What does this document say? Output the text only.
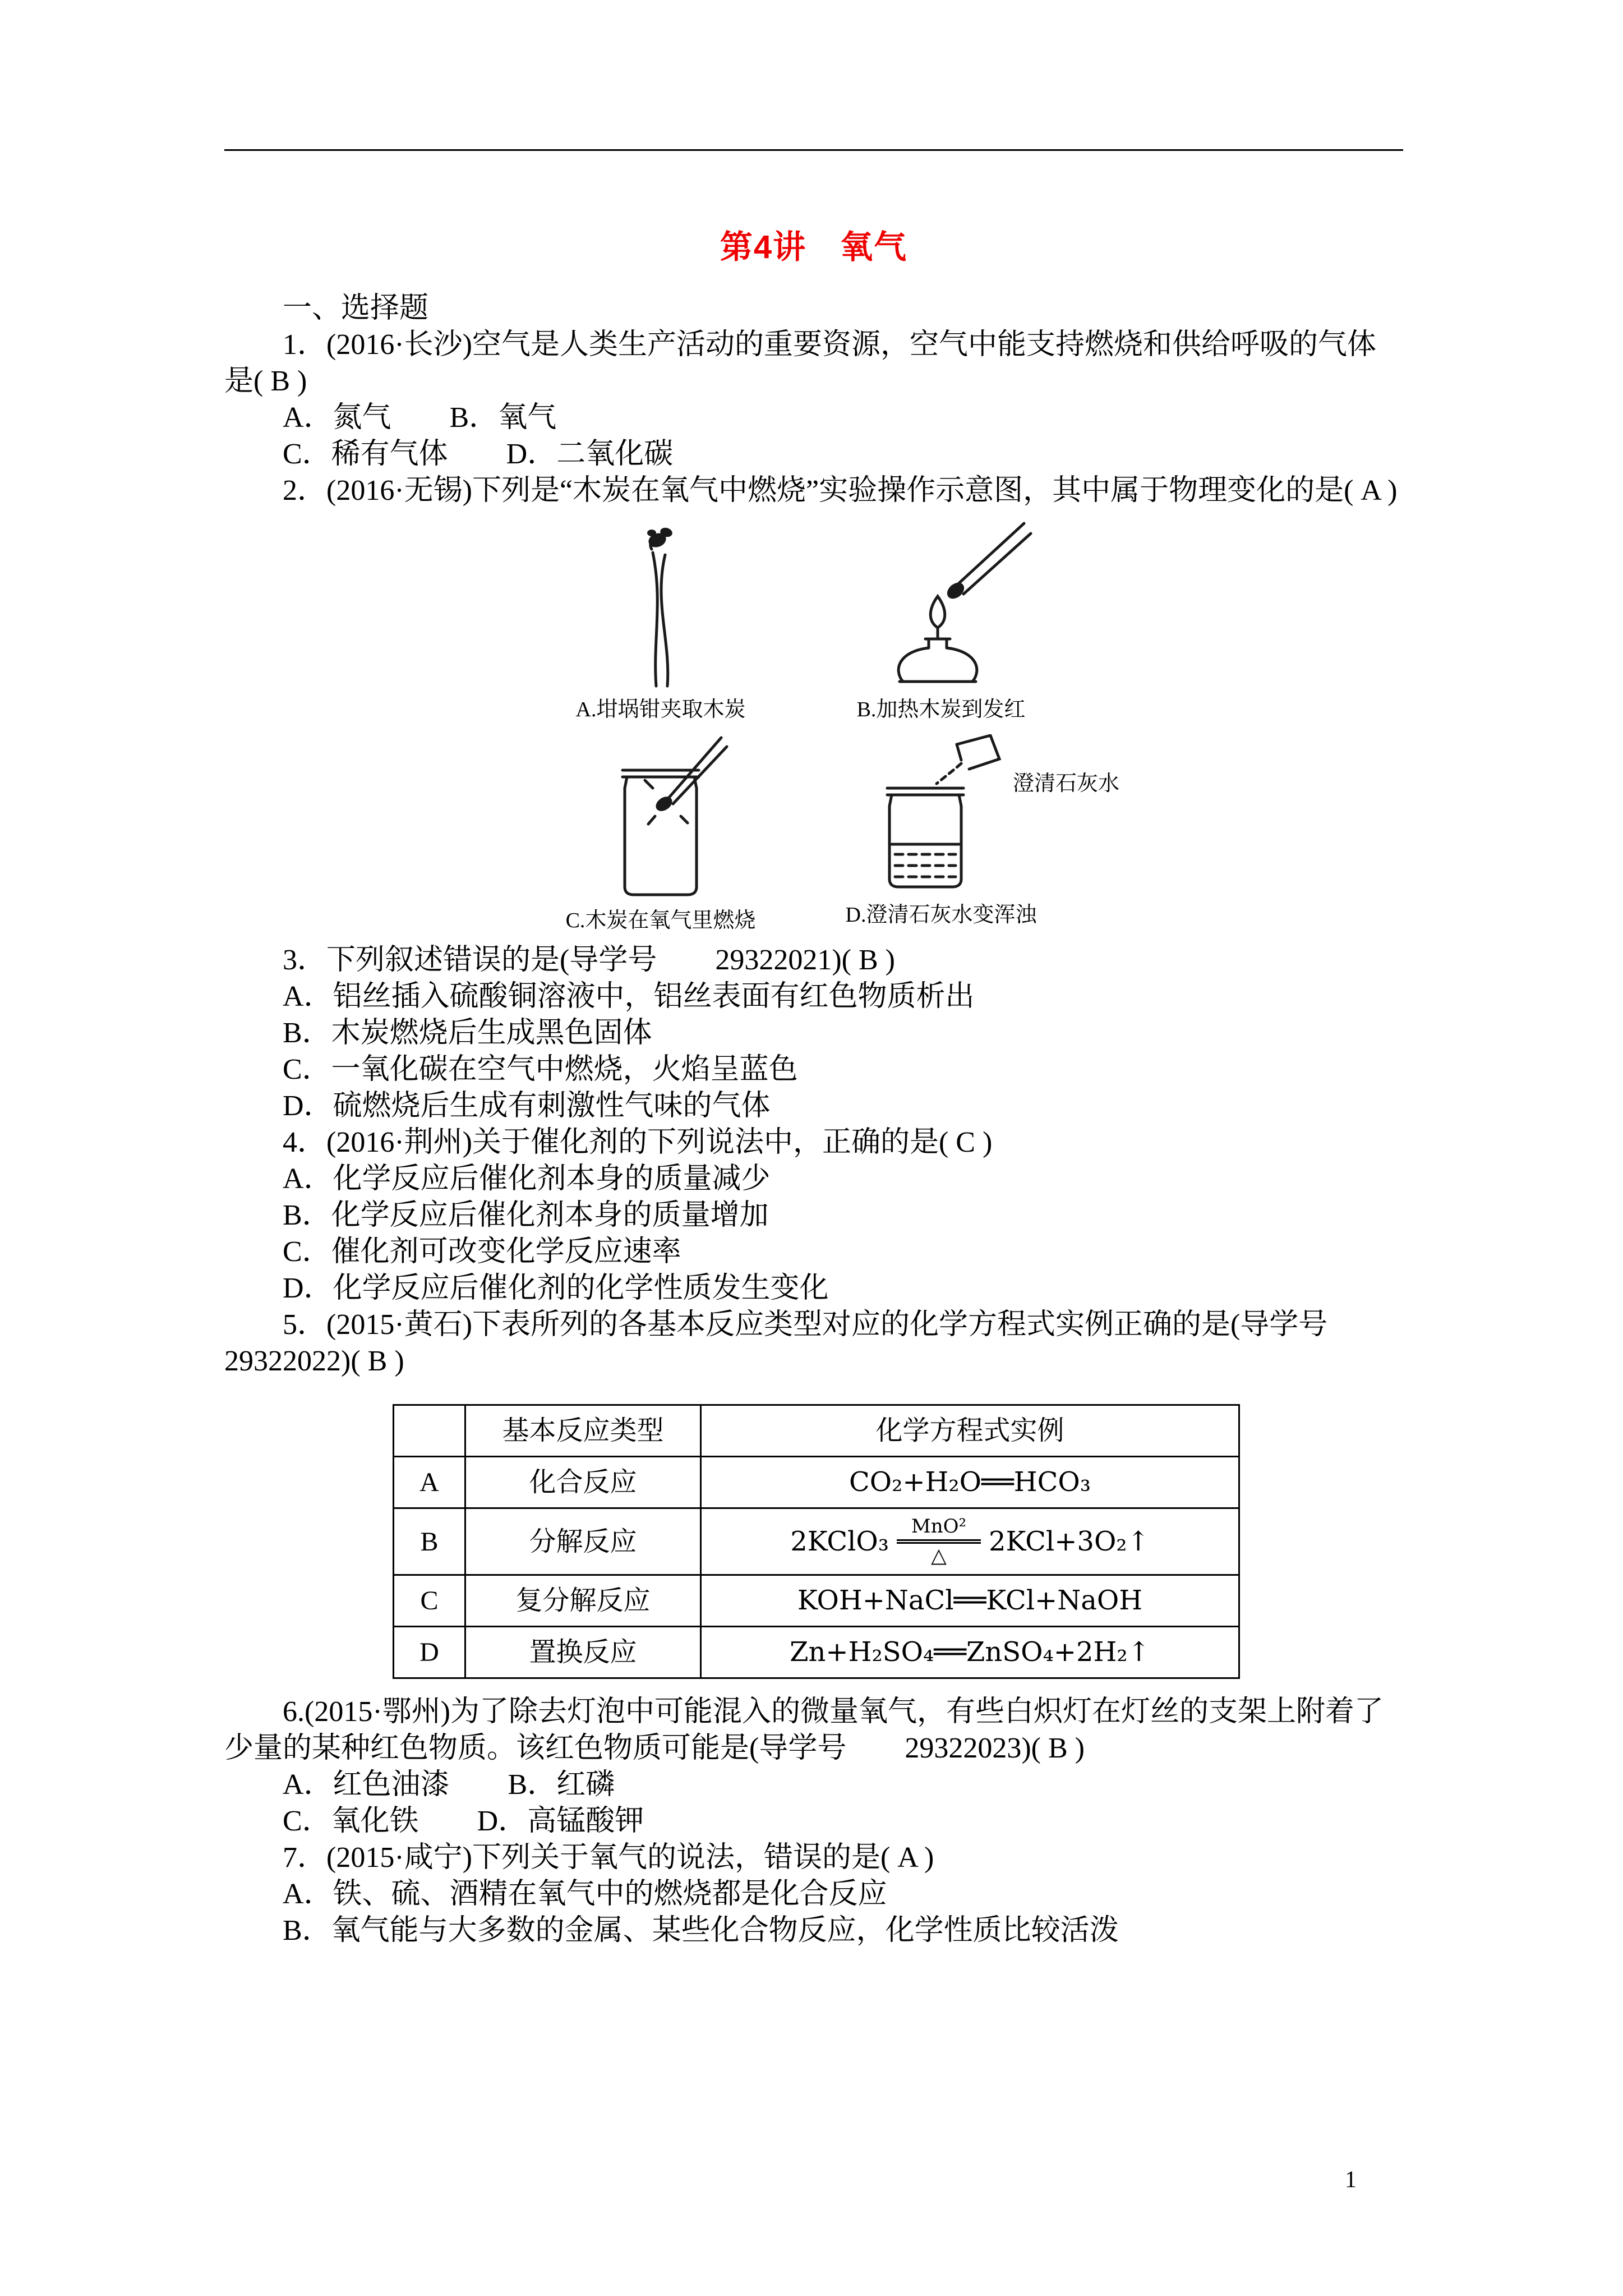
第4讲　氧气

一、选择题

1．(2016·长沙)空气是人类生产活动的重要资源，空气中能支持燃烧和供给呼吸的气体是( B )

A．氮气　　B．氧气

C．稀有气体　　D．二氧化碳

2．(2016·无锡)下列是“木炭在氧气中燃烧”实验操作示意图，其中属于物理变化的是( A )

A.坩埚钳夹取木炭	B.加热木炭到发红
C.木炭在氧气里燃烧
澄清石灰水
D.澄清石灰水变浑浊

3．下列叙述错误的是(导学号　　29322021)( B )

A．铝丝插入硫酸铜溶液中，铝丝表面有红色物质析出

B．木炭燃烧后生成黑色固体

C．一氧化碳在空气中燃烧，火焰呈蓝色

D．硫燃烧后生成有刺激性气味的气体

4．(2016·荆州)关于催化剂的下列说法中，正确的是( C )

A．化学反应后催化剂本身的质量减少

B．化学反应后催化剂本身的质量增加

C．催化剂可改变化学反应速率

D．化学反应后催化剂的化学性质发生变化

5．(2015·黄石)下表所列的各基本反应类型对应的化学方程式实例正确的是(导学号　　29322022)( B )

	基本反应类型	化学方程式实例
A	化合反应	CO₂+H₂O══HCO₃
B	分解反应	2KClO₃ MnO²
△ 2KCl+3O₂↑

C	复分解反应	KOH+NaCl══KCl+NaOH
D	置换反应	Zn+H₂SO₄══ZnSO₄+2H₂↑

6.(2015·鄂州)为了除去灯泡中可能混入的微量氧气，有些白炽灯在灯丝的支架上附着了少量的某种红色物质。该红色物质可能是(导学号　　29322023)( B )

A．红色油漆　　B．红磷

C．氧化铁　　D．高锰酸钾

7．(2015·咸宁)下列关于氧气的说法，错误的是( A )

A．铁、硫、酒精在氧气中的燃烧都是化合反应

B．氧气能与大多数的金属、某些化合物反应，化学性质比较活泼

1
